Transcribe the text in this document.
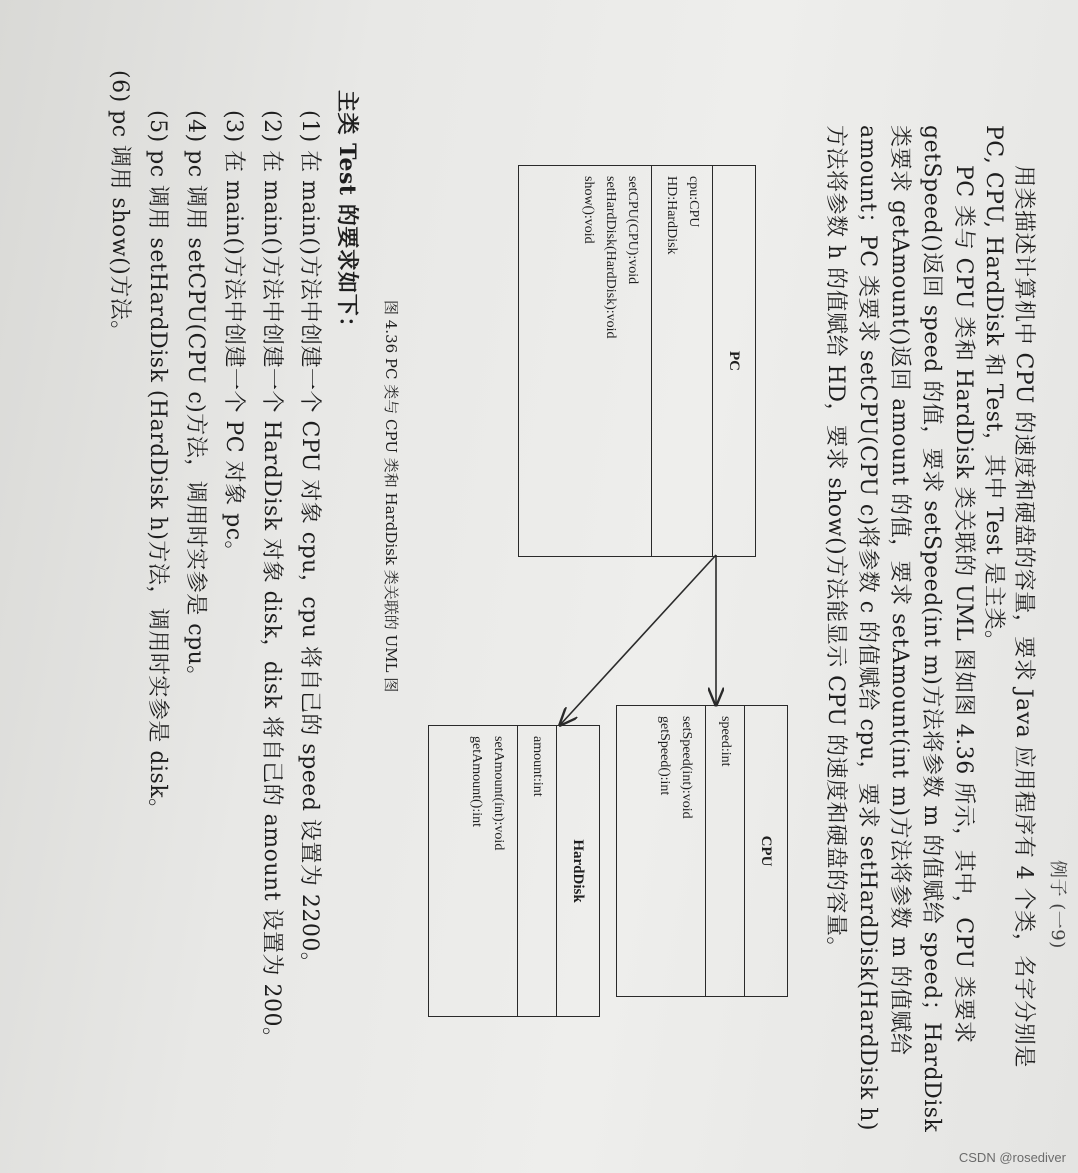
例子 (一9)
用类描述计算机中 CPU 的速度和硬盘的容量，要求 Java 应用程序有 4 个类，名字分别是
PC, CPU, HardDisk 和 Test，其中 Test 是主类。
PC 类与 CPU 类和 HardDisk 类关联的 UML 图如图 4.36 所示，其中，CPU 类要求
getSpeed()返回 speed 的值，要求 setSpeed(int m)方法将参数 m 的值赋给 speed；HardDisk
类要求 getAmount()返回 amount 的值，要求 setAmount(int m)方法将参数 m 的值赋给
amount；PC 类要求 setCPU(CPU c)将参数 c 的值赋给 cpu，要求 setHardDisk(HardDisk h)
方法将参数 h 的值赋给 HD，要求 show()方法能显示 CPU 的速度和硬盘的容量。
PC
cpu:CPU
HD:HardDisk
setCPU(CPU):void
setHardDisk(HardDisk):void
show():void
CPU
speed:int
setSpeed(int):void
getSpeed():int
HardDisk
amount:int
setAmount(int):void
getAmount():int
图 4.36 PC 类与 CPU 类和 HardDisk 类关联的 UML 图
主类 Test 的要求如下：
(1) 在 main()方法中创建一个 CPU 对象 cpu，cpu 将自己的 speed 设置为 2200。
(2) 在 main()方法中创建一个 HardDisk 对象 disk，disk 将自己的 amount 设置为 200。
(3) 在 main()方法中创建一个 PC 对象 pc。
(4) pc 调用 setCPU(CPU c)方法，调用时实参是 cpu。
(5) pc 调用 setHardDisk (HardDisk h)方法，调用时实参是 disk。
(6) pc 调用 show()方法。
CSDN @rosediver
